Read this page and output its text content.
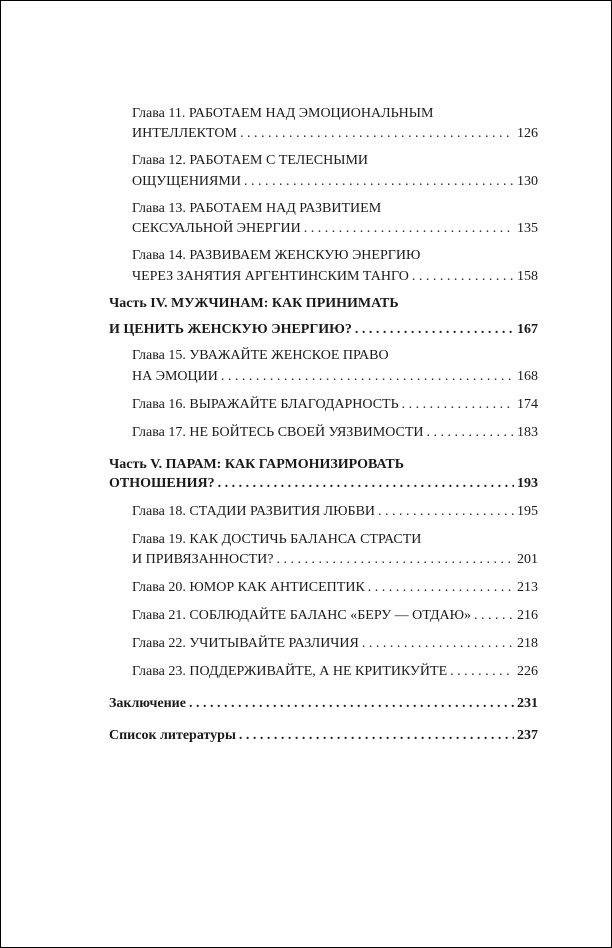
Глава 11. РАБОТАЕМ НАД ЭМОЦИОНАЛЬНЫМ
ИНТЕЛЛЕКТОМ . . .	126
Глава 12. РАБОТАЕМ С ТЕЛЕСНЫМИ
ОЩУЩЕНИЯМИ . . .	130
Глава 13. РАБОТАЕМ НАД РАЗВИТИЕМ
СЕКСУАЛЬНОЙ ЭНЕРГИИ . . .	135
Глава 14. РАЗВИВАЕМ ЖЕНСКУЮ ЭНЕРГИЮ
ЧЕРЕЗ ЗАНЯТИЯ АРГЕНТИНСКИМ ТАНГО . . .	158
Часть IV. МУЖЧИНАМ: КАК ПРИНИМАТЬ
И ЦЕНИТЬ ЖЕНСКУЮ ЭНЕРГИЮ? . . .	167
Глава 15. УВАЖАЙТЕ ЖЕНСКОЕ ПРАВО
НА ЭМОЦИИ . . .	168
Глава 16. ВЫРАЖАЙТЕ БЛАГОДАРНОСТЬ . . .	174
Глава 17. НЕ БОЙТЕСЬ СВОЕЙ УЯЗВИМОСТИ . . .	183
Часть V. ПАРАМ: КАК ГАРМОНИЗИРОВАТЬ
ОТНОШЕНИЯ? . . .	193
Глава 18. СТАДИИ РАЗВИТИЯ ЛЮБВИ . . .	195
Глава 19. КАК ДОСТИЧЬ БАЛАНСА СТРАСТИ
И ПРИВЯЗАННОСТИ? . . .	201
Глава 20. ЮМОР КАК АНТИСЕПТИК . . .	213
Глава 21. СОБЛЮДАЙТЕ БАЛАНС «БЕРУ — ОТДАЮ» . . .	216
Глава 22. УЧИТЫВАЙТЕ РАЗЛИЧИЯ . . .	218
Глава 23. ПОДДЕРЖИВАЙТЕ, А НЕ КРИТИКУЙТЕ . . .	226
Заключение . . .	231
Список литературы . . .	237
